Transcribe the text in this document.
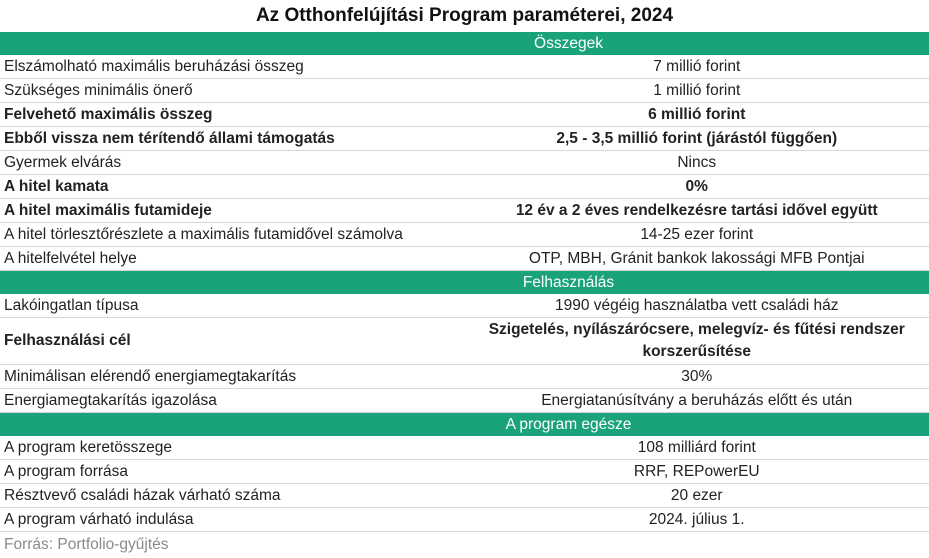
Az Otthonfelújítási Program paraméterei, 2024
Összegek	
Elszámolható maximális beruházási összeg	7 millió forint
Szükséges minimális önerő	1 millió forint
Felvehető maximális összeg	6 millió forint
Ebből vissza nem térítendő állami támogatás	2,5 - 3,5 millió forint (járástól függően)
Gyermek elvárás	Nincs
A hitel kamata	0%
A hitel maximális futamideje	12 év a 2 éves rendelkezésre tartási idővel együtt
A hitel törlesztőrészlete a maximális futamidővel számolva	14-25 ezer forint
A hitelfelvétel helye	OTP, MBH, Gránit bankok lakossági MFB Pontjai
Felhasználás	
Lakóingatlan típusa	1990 végéig használatba vett családi ház
Felhasználási cél	Szigetelés, nyílászárócsere, melegvíz- és fűtési rendszer korszerűsítése
Minimálisan elérendő energiamegtakarítás	30%
Energiamegtakarítás igazolása	Energiatanúsítvány a beruházás előtt és után
A program egésze	
A program keretösszege	108 milliárd forint
A program forrása	RRF, REPowerEU
Résztvevő családi házak várható száma	20 ezer
A program várható indulása	2024. július 1.
Forrás: Portfolio-gyűjtés
